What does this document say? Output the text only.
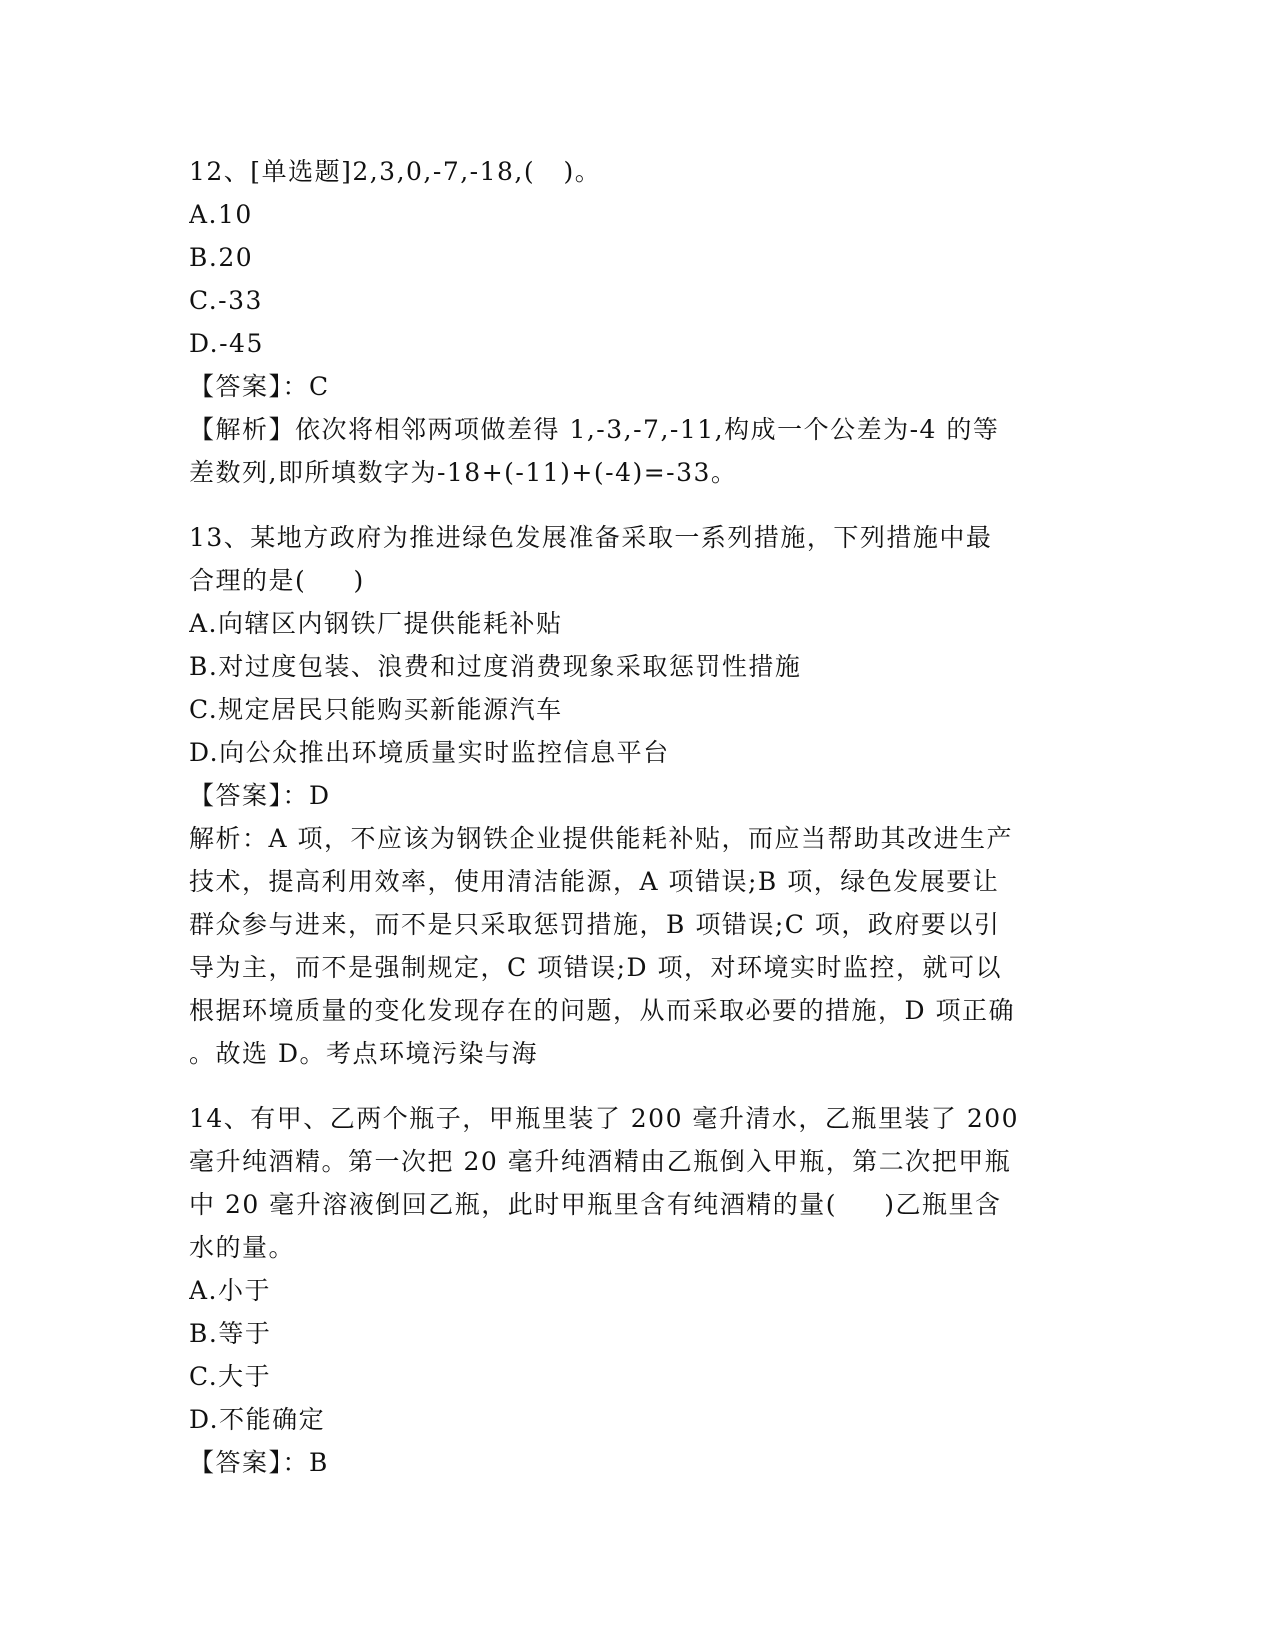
12、[单选题]2,3,0,-7,-18,(   )。
A.10
B.20
C.-33
D.-45
【答案】：C
【解析】依次将相邻两项做差得 1,-3,-7,-11,构成一个公差为-4 的等
差数列,即所填数字为-18+(-11)+(-4)=-33。
13、某地方政府为推进绿色发展准备采取一系列措施，下列措施中最
合理的是(     )
A.向辖区内钢铁厂提供能耗补贴
B.对过度包装、浪费和过度消费现象采取惩罚性措施
C.规定居民只能购买新能源汽车
D.向公众推出环境质量实时监控信息平台
【答案】：D
解析：A 项，不应该为钢铁企业提供能耗补贴，而应当帮助其改进生产
技术，提高利用效率，使用清洁能源，A 项错误;B 项，绿色发展要让
群众参与进来，而不是只采取惩罚措施，B 项错误;C 项，政府要以引
导为主，而不是强制规定，C 项错误;D 项，对环境实时监控，就可以
根据环境质量的变化发现存在的问题，从而采取必要的措施，D 项正确
。故选 D。考点环境污染与海
14、有甲、乙两个瓶子，甲瓶里装了 200 毫升清水，乙瓶里装了 200
毫升纯酒精。第一次把 20 毫升纯酒精由乙瓶倒入甲瓶，第二次把甲瓶
中 20 毫升溶液倒回乙瓶，此时甲瓶里含有纯酒精的量(     )乙瓶里含
水的量。
A.小于
B.等于
C.大于
D.不能确定
【答案】：B
